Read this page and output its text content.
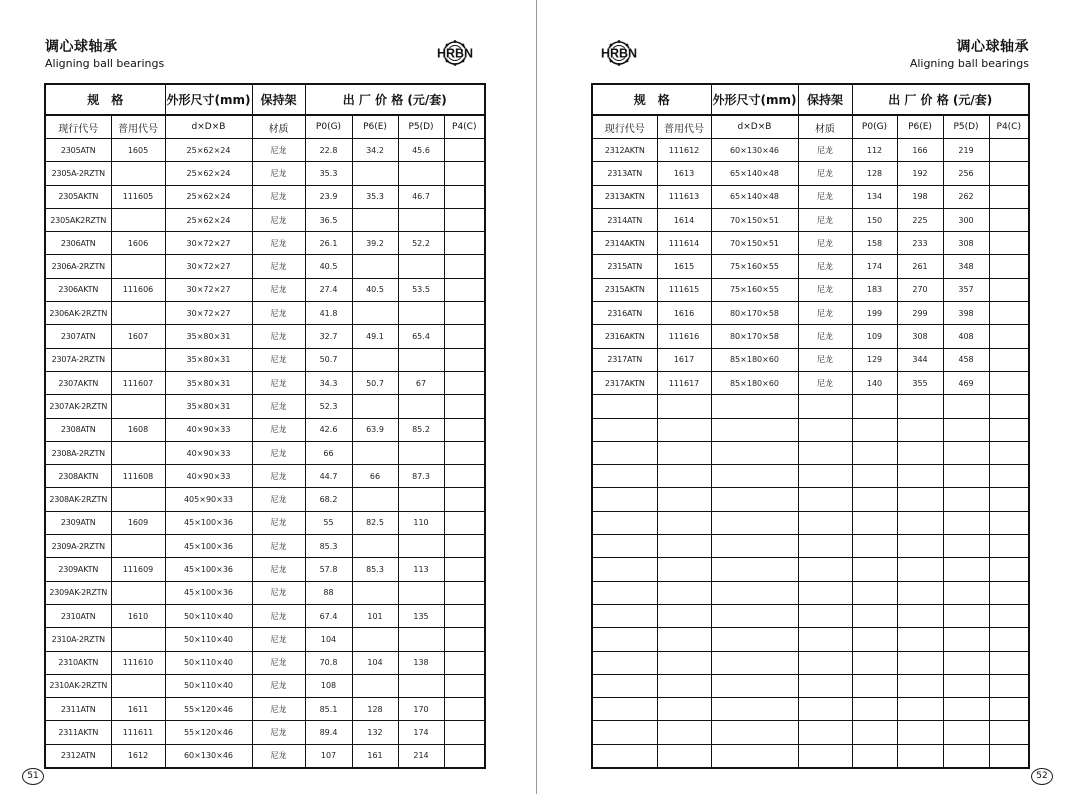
调心球轴承
Aligning ball bearings
HRBN
规　格		外形尺寸(mm)	保持架	出 厂 价 格 (元/套)			
现行代号	普用代号	d×D×B	材质	P0(G)	P6(E)	P5(D)	P4(C)
2305ATN	1605	25×62×24	尼龙	22.8	34.2	45.6	
2305A-2RZTN		25×62×24	尼龙	35.3			
2305AKTN	111605	25×62×24	尼龙	23.9	35.3	46.7	
2305AK2RZTN		25×62×24	尼龙	36.5			
2306ATN	1606	30×72×27	尼龙	26.1	39.2	52.2	
2306A-2RZTN		30×72×27	尼龙	40.5			
2306AKTN	111606	30×72×27	尼龙	27.4	40.5	53.5	
2306AK-2RZTN		30×72×27	尼龙	41.8			
2307ATN	1607	35×80×31	尼龙	32.7	49.1	65.4	
2307A-2RZTN		35×80×31	尼龙	50.7			
2307AKTN	111607	35×80×31	尼龙	34.3	50.7	67	
2307AK-2RZTN		35×80×31	尼龙	52.3			
2308ATN	1608	40×90×33	尼龙	42.6	63.9	85.2	
2308A-2RZTN		40×90×33	尼龙	66			
2308AKTN	111608	40×90×33	尼龙	44.7	66	87.3	
2308AK-2RZTN		405×90×33	尼龙	68.2			
2309ATN	1609	45×100×36	尼龙	55	82.5	110	
2309A-2RZTN		45×100×36	尼龙	85.3			
2309AKTN	111609	45×100×36	尼龙	57.8	85.3	113	
2309AK-2RZTN		45×100×36	尼龙	88			
2310ATN	1610	50×110×40	尼龙	67.4	101	135	
2310A-2RZTN		50×110×40	尼龙	104			
2310AKTN	111610	50×110×40	尼龙	70.8	104	138	
2310AK-2RZTN		50×110×40	尼龙	108			
2311ATN	1611	55×120×46	尼龙	85.1	128	170	
2311AKTN	111611	55×120×46	尼龙	89.4	132	174	
2312ATN	1612	60×130×46	尼龙	107	161	214	
51
HRBN	调心球轴承
Aligning ball bearings
规　格		外形尺寸(mm)	保持架	出 厂 价 格 (元/套)			
现行代号	普用代号	d×D×B	材质	P0(G)	P6(E)	P5(D)	P4(C)
2312AKTN	111612	60×130×46	尼龙	112	166	219	
2313ATN	1613	65×140×48	尼龙	128	192	256	
2313AKTN	111613	65×140×48	尼龙	134	198	262	
2314ATN	1614	70×150×51	尼龙	150	225	300	
2314AKTN	111614	70×150×51	尼龙	158	233	308	
2315ATN	1615	75×160×55	尼龙	174	261	348	
2315AKTN	111615	75×160×55	尼龙	183	270	357	
2316ATN	1616	80×170×58	尼龙	199	299	398	
2316AKTN	111616	80×170×58	尼龙	109	308	408	
2317ATN	1617	85×180×60	尼龙	129	344	458	
2317AKTN	111617	85×180×60	尼龙	140	355	469	

52
